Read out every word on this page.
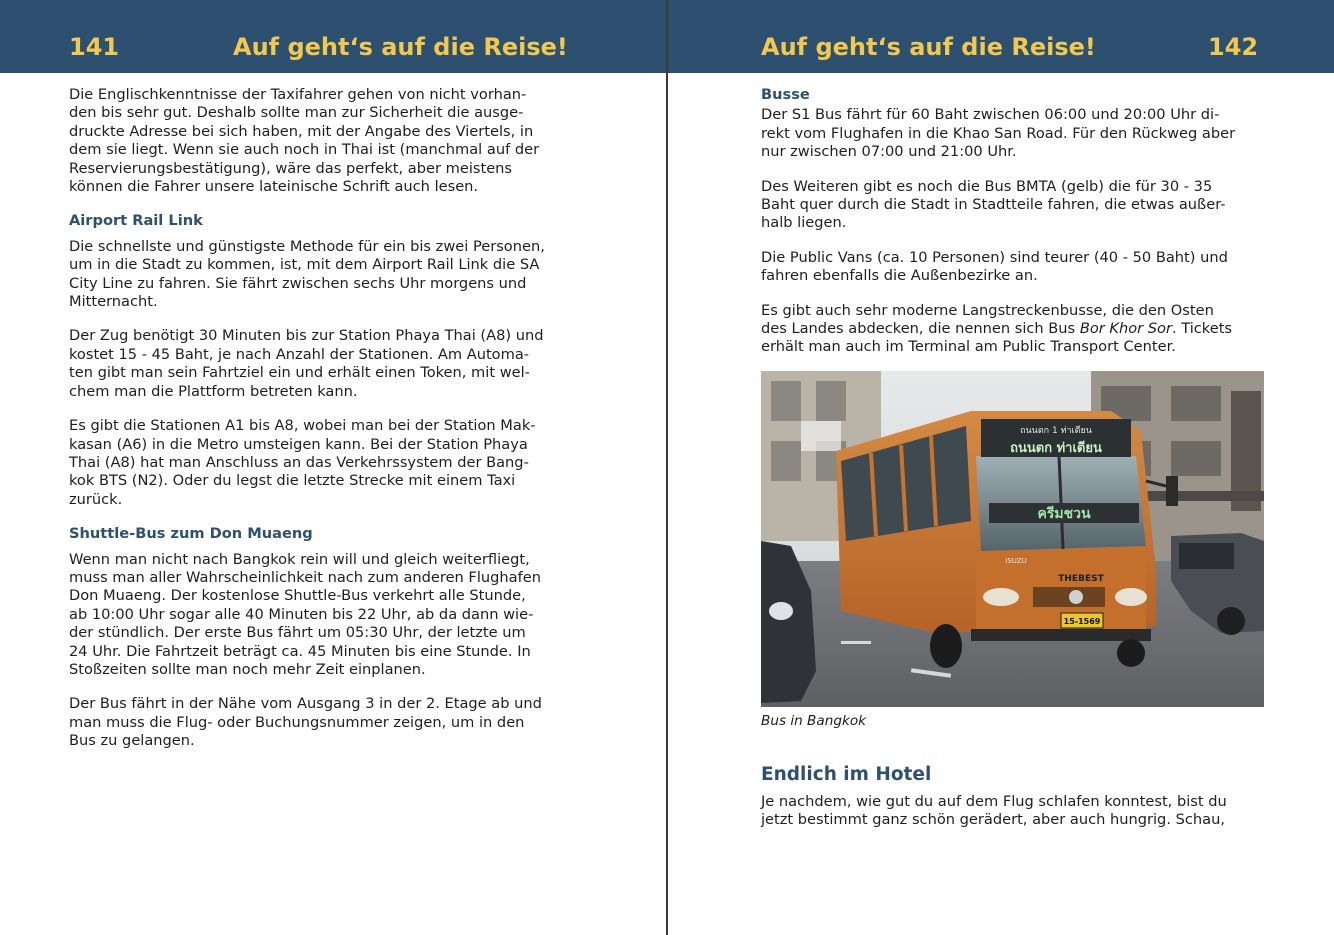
141	Auf geht‘s auf die Reise!

Die Englischkenntnisse der Taxifahrer gehen von nicht vorhan-
den bis sehr gut. Deshalb sollte man zur Sicherheit die ausge-
druckte Adresse bei sich haben, mit der Angabe des Viertels, in
dem sie liegt. Wenn sie auch noch in Thai ist (manchmal auf der
Reservierungsbestätigung), wäre das perfekt, aber meistens
können die Fahrer unsere lateinische Schrift auch lesen.

Airport Rail Link

Die schnellste und günstigste Methode für ein bis zwei Personen,
um in die Stadt zu kommen, ist, mit dem Airport Rail Link die SA
City Line zu fahren. Sie fährt zwischen sechs Uhr morgens und
Mitternacht.

Der Zug benötigt 30 Minuten bis zur Station Phaya Thai (A8) und
kostet 15 - 45 Baht, je nach Anzahl der Stationen. Am Automa-
ten gibt man sein Fahrtziel ein und erhält einen Token, mit wel-
chem man die Plattform betreten kann.

Es gibt die Stationen A1 bis A8, wobei man bei der Station Mak-
kasan (A6) in die Metro umsteigen kann. Bei der Station Phaya
Thai (A8) hat man Anschluss an das Verkehrssystem der Bang-
kok BTS (N2). Oder du legst die letzte Strecke mit einem Taxi
zurück.

Shuttle-Bus zum Don Muaeng

Wenn man nicht nach Bangkok rein will und gleich weiterfliegt,
muss man aller Wahrscheinlichkeit nach zum anderen Flughafen
Don Muaeng. Der kostenlose Shuttle-Bus verkehrt alle Stunde,
ab 10:00 Uhr sogar alle 40 Minuten bis 22 Uhr, ab da dann wie-
der stündlich. Der erste Bus fährt um 05:30 Uhr, der letzte um
24 Uhr. Die Fahrtzeit beträgt ca. 45 Minuten bis eine Stunde. In
Stoßzeiten sollte man noch mehr Zeit einplanen.

Der Bus fährt in der Nähe vom Ausgang 3 in der 2. Etage ab und
man muss die Flug- oder Buchungsnummer zeigen, um in den
Bus zu gelangen.

Auf geht‘s auf die Reise!	142
Busse

Der S1 Bus fährt für 60 Baht zwischen 06:00 und 20:00 Uhr di-
rekt vom Flughafen in die Khao San Road. Für den Rückweg aber
nur zwischen 07:00 und 21:00 Uhr.

Des Weiteren gibt es noch die Bus BMTA (gelb) die für 30 - 35
Baht quer durch die Stadt in Stadtteile fahren, die etwas außer-
halb liegen.

Die Public Vans (ca. 10 Personen) sind teurer (40 - 50 Baht) und
fahren ebenfalls die Außenbezirke an.

Es gibt auch sehr moderne Langstreckenbusse, die den Osten
des Landes abdecken, die nennen sich Bus Bor Khor Sor. Tickets
erhält man auch im Terminal am Public Transport Center.

ถนนตก 1 ท่าเตียน
ถนนตก ท่าเตียน
ครีมชวน
ISUZU
THEBEST
15-1569

Bus in Bangkok

Endlich im Hotel

Je nachdem, wie gut du auf dem Flug schlafen konntest, bist du
jetzt bestimmt ganz schön gerädert, aber auch hungrig. Schau,
